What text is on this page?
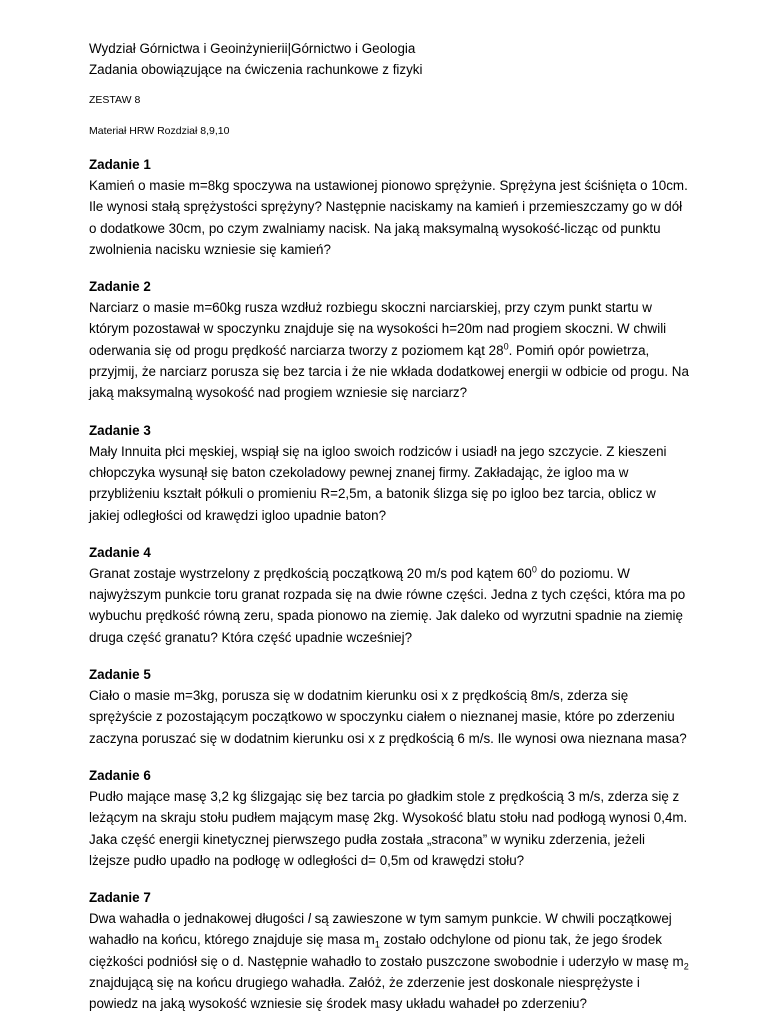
Wydział Górnictwa i Geoinżynierii|Górnictwo i Geologia
Zadania obowiązujące na ćwiczenia rachunkowe z fizyki
ZESTAW 8
Materiał HRW Rozdział 8,9,10
Zadanie 1
Kamień o masie m=8kg spoczywa na ustawionej pionowo sprężynie. Sprężyna jest ściśnięta o 10cm. Ile wynosi stałą sprężystości sprężyny? Następnie naciskamy na kamień i przemieszczamy go w dół o dodatkowe 30cm, po czym zwalniamy nacisk. Na jaką maksymalną wysokość-licząc od punktu zwolnienia nacisku wzniesie się kamień?
Zadanie 2
Narciarz o masie m=60kg rusza wzdłuż rozbiegu skoczni narciarskiej, przy czym punkt startu w którym pozostawał w spoczynku znajduje się na wysokości h=20m nad progiem skoczni. W chwili oderwania się od progu prędkość narciarza tworzy z poziomem kąt $28^0$. Pomiń opór powietrza, przyjmij, że narciarz porusza się bez tarcia i że nie wkłada dodatkowej energii w odbicie od progu. Na jaką maksymalną wysokość nad progiem wzniesie się narciarz?
Zadanie 3
Mały Innuita płci męskiej, wspiął się na igloo swoich rodziców i usiadł na jego szczycie. Z kieszeni chłopczyka wysunął się baton czekoladowy pewnej znanej firmy. Zakładając, że igloo ma w przybliżeniu kształt półkuli o promieniu R=2,5m, a batonik ślizga się po igloo bez tarcia, oblicz w jakiej odległości od krawędzi igloo upadnie baton?
Zadanie 4
Granat zostaje wystrzelony z prędkością początkową 20 m/s pod kątem $60^0$ do poziomu. W najwyższym punkcie toru granat rozpada się na dwie równe części. Jedna z tych części, która ma po wybuchu prędkość równą zeru, spada pionowo na ziemię. Jak daleko od wyrzutni spadnie na ziemię druga część granatu? Która część upadnie wcześniej?
Zadanie 5
Ciało o masie m=3kg, porusza się w dodatnim kierunku osi x z prędkością 8m/s, zderza się sprężyście z pozostającym początkowo w spoczynku ciałem o nieznanej masie, które po zderzeniu zaczyna poruszać się w dodatnim kierunku osi x z prędkością 6 m/s. Ile wynosi owa nieznana masa?
Zadanie 6
Pudło mające masę 3,2 kg ślizgając się bez tarcia po gładkim stole z prędkością 3 m/s, zderza się z leżącym na skraju stołu pudłem mającym masę 2kg. Wysokość blatu stołu nad podłogą wynosi 0,4m. Jaka część energii kinetycznej pierwszego pudła została „stracona” w wyniku zderzenia, jeżeli lżejsze pudło upadło na podłogę w odległości d= 0,5m od krawędzi stołu?
Zadanie 7
Dwa wahadła o jednakowej długości l są zawieszone w tym samym punkcie. W chwili początkowej wahadło na końcu, którego znajduje się masa $m_1$ zostało odchylone od pionu tak, że jego środek ciężkości podniósł się o d. Następnie wahadło to zostało puszczone swobodnie i uderzyło w masę $m_2$ znajdującą się na końcu drugiego wahadła. Załóż, że zderzenie jest doskonale niesprężyste i powiedz na jaką wysokość wzniesie się środek masy układu wahadeł po zderzeniu?
